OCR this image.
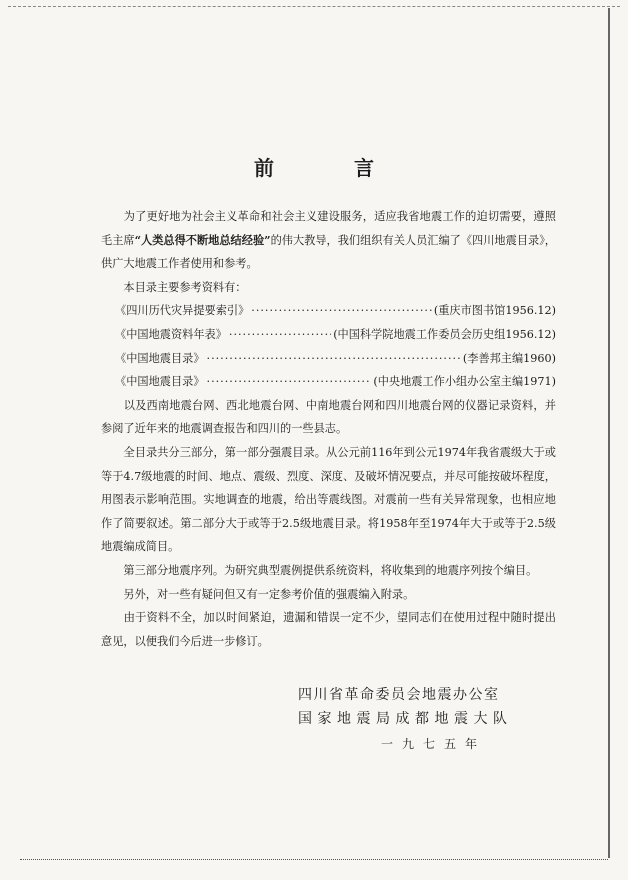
前　言

　　为了更好地为社会主义革命和社会主义建设服务，适应我省地震工作的迫切需要，遵照毛主席“人类总得不断地总结经验”的伟大教导，我们组织有关人员汇编了《四川地震目录》，供广大地震工作者使用和参考。

　　本目录主要参考资料有：

《四川历代灾异提要索引》 ·····	(重庆市图书馆1956.12)

《中国地震资料年表》 ·····	(中国科学院地震工作委员会历史组1956.12)

《中国地震目录》 ·····	(李善邦主编1960)

《中国地震目录》 ·····	(中央地震工作小组办公室主编1971)

　　以及西南地震台网、西北地震台网、中南地震台网和四川地震台网的仪器记录资料，并参阅了近年来的地震调查报告和四川的一些县志。

　　全目录共分三部分，第一部分强震目录。从公元前116年到公元1974年我省震级大于或等于4.7级地震的时间、地点、震级、烈度、深度、及破坏情况要点，并尽可能按破坏程度，用图表示影响范围。实地调查的地震，给出等震线图。对震前一些有关异常现象，也相应地作了简要叙述。第二部分大于或等于2.5级地震目录。将1958年至1974年大于或等于2.5级地震编成简目。

　　第三部分地震序列。为研究典型震例提供系统资料，将收集到的地震序列按个编目。

　　另外，对一些有疑问但又有一定参考价值的强震编入附录。

　　由于资料不全，加以时间紧迫，遗漏和错误一定不少，望同志们在使用过程中随时提出意见，以便我们今后进一步修订。

四川省革命委员会地震办公室
国家地震局成都地震大队
一九七五年
